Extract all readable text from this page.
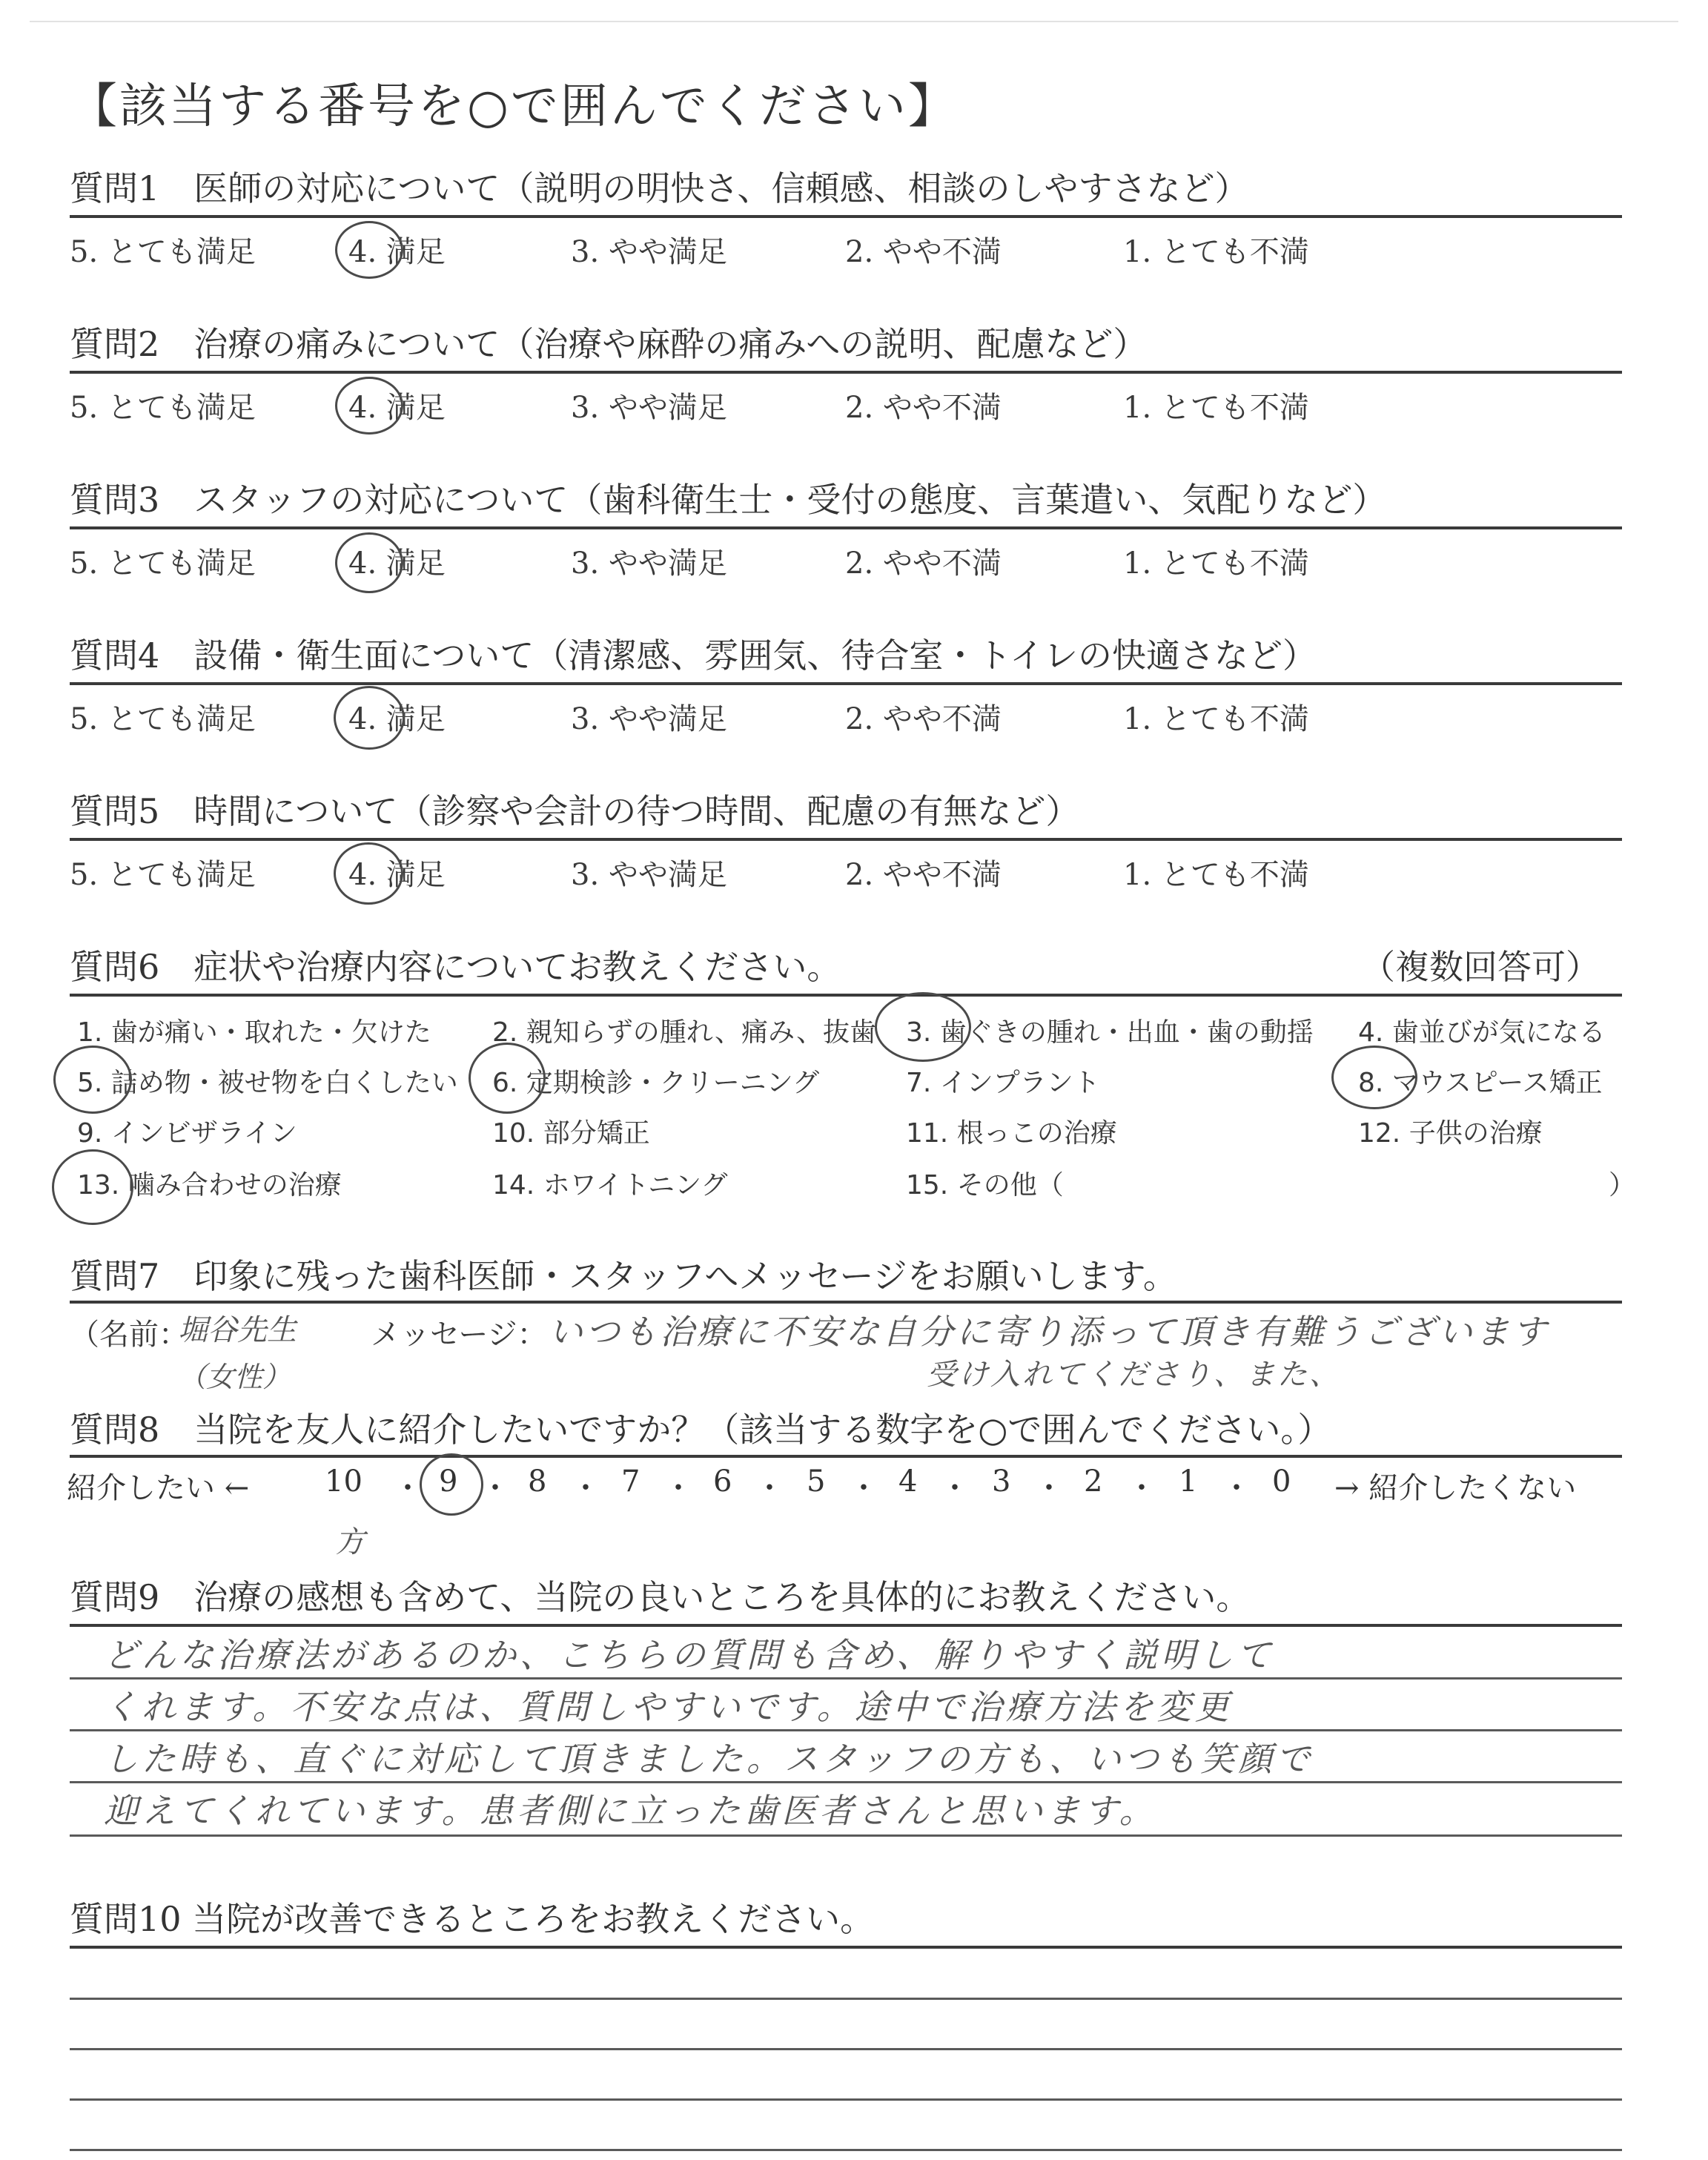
【該当する番号を○で囲んでください】
質問1　医師の対応について（説明の明快さ、信頼感、相談のしやすさなど）
5. とても満足	4. 満足	3. やや満足	2. やや不満	1. とても不満
質問2　治療の痛みについて（治療や麻酔の痛みへの説明、配慮など）
5. とても満足	4. 満足	3. やや満足	2. やや不満	1. とても不満
質問3　スタッフの対応について（歯科衛生士・受付の態度、言葉遣い、気配りなど）
5. とても満足	4. 満足	3. やや満足	2. やや不満	1. とても不満
質問4　設備・衛生面について（清潔感、雰囲気、待合室・トイレの快適さなど）
5. とても満足	4. 満足	3. やや満足	2. やや不満	1. とても不満
質問5　時間について（診察や会計の待つ時間、配慮の有無など）
5. とても満足	4. 満足	3. やや満足	2. やや不満	1. とても不満
質問6　症状や治療内容についてお教えください。	（複数回答可）
1. 歯が痛い・取れた・欠けた 2. 親知らずの腫れ、痛み、抜歯 3. 歯ぐきの腫れ・出血・歯の動揺 4. 歯並びが気になる
5. 詰め物・被せ物を白くしたい 6. 定期検診・クリーニング	7. インプラント	8. マウスピース矯正
9. インビザライン	10. 部分矯正	11. 根っこの治療	12. 子供の治療
13. 噛み合わせの治療	14. ホワイトニング	15. その他（	）
質問7　印象に残った歯科医師・スタッフへメッセージをお願いします。
（名前：
堀谷先生
（女性）
メッセージ： いつも治療に不安な自分に寄り添って頂き有難うございます
受け入れてくださり、また、
質問8　当院を友人に紹介したいですか？（該当する数字を○で囲んでください。）
紹介したい ←	10 ・ 9 ・ 8 ・ 7 ・ 6 ・ 5 ・ 4 ・ 3 ・ 2 ・ 1 ・ 0 → 紹介したくない
方
質問9　治療の感想も含めて、当院の良いところを具体的にお教えください。
どんな治療法があるのか、こちらの質問も含め、解りやすく説明して
くれます。不安な点は、質問しやすいです。途中で治療方法を変更
した時も、直ぐに対応して頂きました。スタッフの方も、いつも笑顔で
迎えてくれています。患者側に立った歯医者さんと思います。
質問10 当院が改善できるところをお教えください。
